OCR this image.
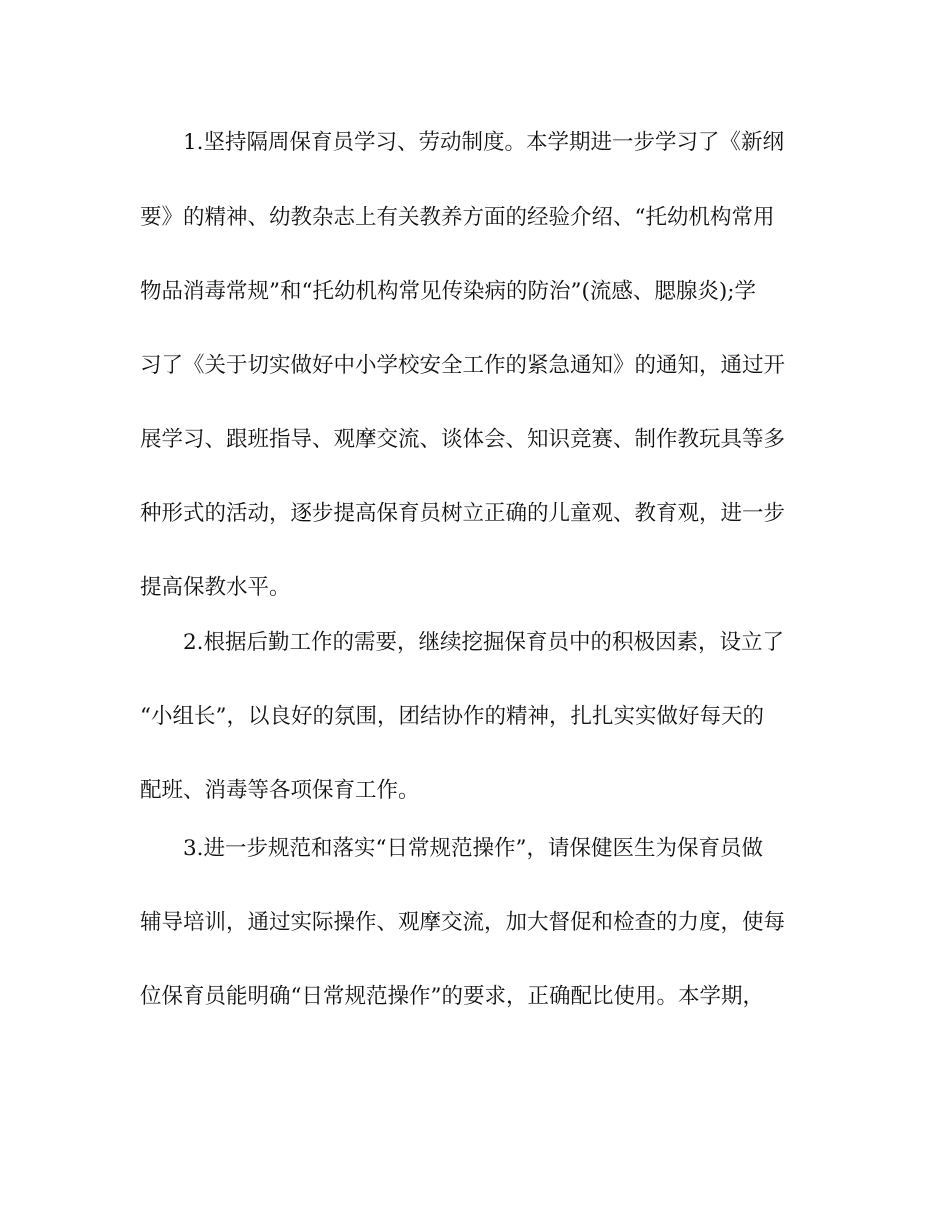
1.坚持隔周保育员学习、劳动制度。本学期进一步学习了《新纲
要》的精神、幼教杂志上有关教养方面的经验介绍、“托幼机构常用
物品消毒常规”和“托幼机构常见传染病的防治”(流感、腮腺炎);学
习了《关于切实做好中小学校安全工作的紧急通知》的通知，通过开
展学习、跟班指导、观摩交流、谈体会、知识竞赛、制作教玩具等多
种形式的活动，逐步提高保育员树立正确的儿童观、教育观，进一步
提高保教水平。
2.根据后勤工作的需要，继续挖掘保育员中的积极因素，设立了
“小组长”，以良好的氛围，团结协作的精神，扎扎实实做好每天的
配班、消毒等各项保育工作。
3.进一步规范和落实“日常规范操作”，请保健医生为保育员做
辅导培训，通过实际操作、观摩交流，加大督促和检查的力度，使每
位保育员能明确“日常规范操作”的要求，正确配比使用。本学期，
